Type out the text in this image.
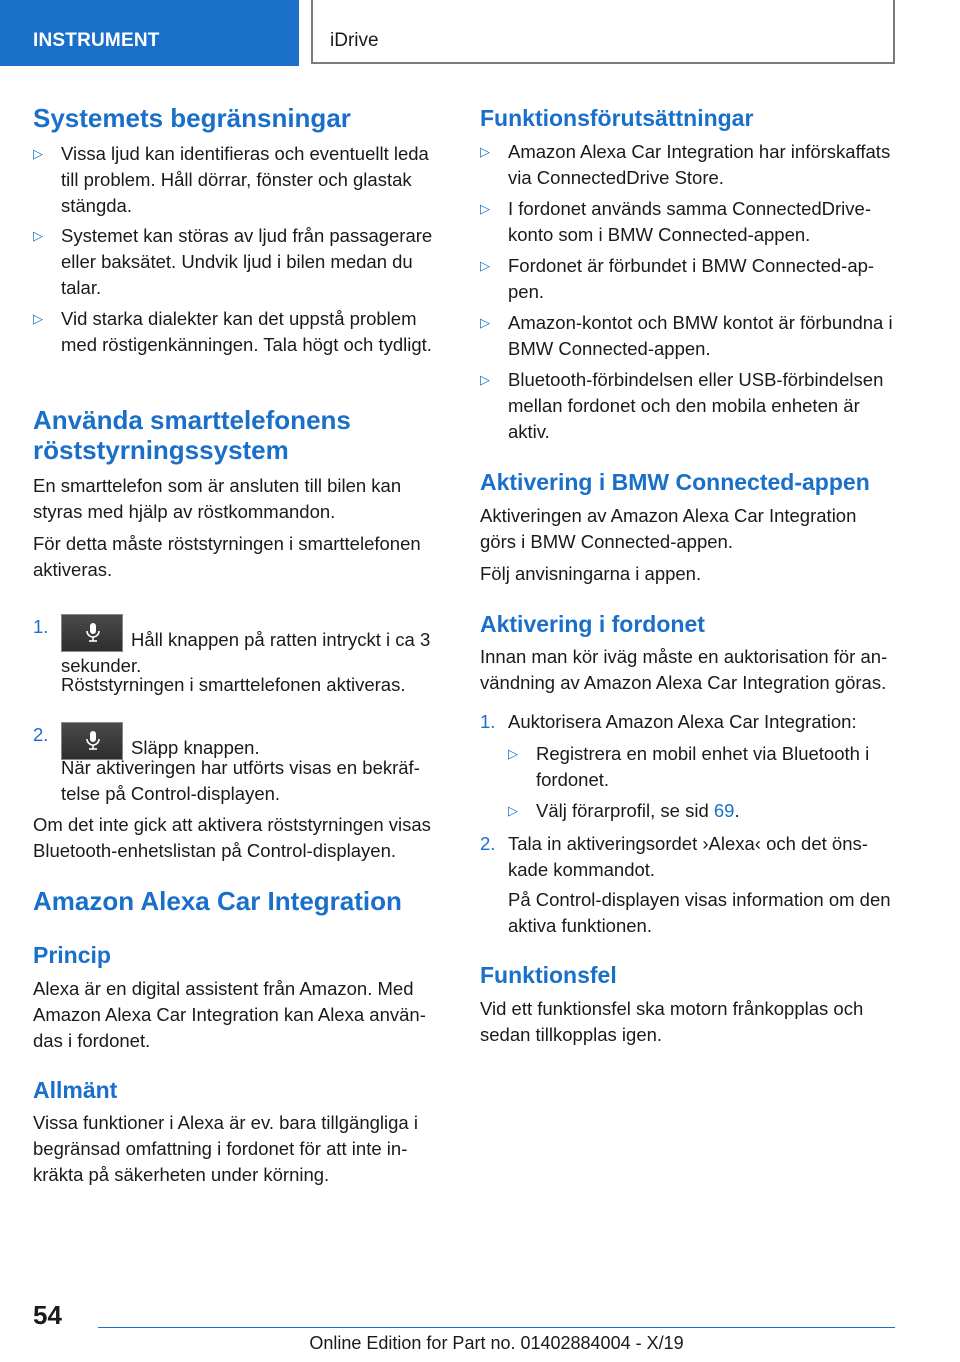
INSTRUMENT	iDrive
Systemets begränsningar
▷ Vissa ljud kan identifieras och eventuellt leda till problem. Håll dörrar, fönster och glastak stängda.
▷ Systemet kan störas av ljud från passagerare eller baksätet. Undvik ljud i bilen medan du talar.
▷ Vid starka dialekter kan det uppstå problem med röstigenkänningen. Tala högt och tydligt.
Använda smarttelefonens
röststyrningssystem

En smarttelefon som är ansluten till bilen kan styras med hjälp av röstkommandon.

För detta måste röststyrningen i smarttelefonen aktiveras.

1.
Håll knappen på ratten intryckt i ca 3 sekunder.

Röststyrningen i smarttelefonen aktiveras.

2.
Släpp knappen.

När aktiveringen har utförts visas en bekräftelse på Control-displayen.

Om det inte gick att aktivera röststyrningen visas Bluetooth-enhetslistan på Control-displayen.

Amazon Alexa Car Integration
Princip

Alexa är en digital assistent från Amazon. Med Amazon Alexa Car Integration kan Alexa användas i fordonet.

Allmänt

Vissa funktioner i Alexa är ev. bara tillgängliga i begränsad omfattning i fordonet för att inte inkräkta på säkerheten under körning.

Funktionsförutsättningar
▷ Amazon Alexa Car Integration har införskaffats via ConnectedDrive Store.
▷ I fordonet används samma ConnectedDrive-konto som i BMW Connected-appen.
▷ Fordonet är förbundet i BMW Connected-appen.
▷ Amazon-kontot och BMW kontot är förbundna i BMW Connected-appen.
▷ Bluetooth-förbindelsen eller USB-förbindelsen mellan fordonet och den mobila enheten är aktiv.
Aktivering i BMW Connected-appen

Aktiveringen av Amazon Alexa Car Integration görs i BMW Connected-appen.

Följ anvisningarna i appen.

Aktivering i fordonet

Innan man kör iväg måste en auktorisation för användning av Amazon Alexa Car Integration göras.

1. Auktorisera Amazon Alexa Car Integration:
▷ Registrera en mobil enhet via Bluetooth i fordonet.
▷ Välj förarprofil, se sid 69.
2. Tala in aktiveringsordet ›Alexa‹ och det önskade kommandot.

På Control-displayen visas information om den aktiva funktionen.

Funktionsfel

Vid ett funktionsfel ska motorn frånkopplas och sedan tillkopplas igen.

54
Online Edition for Part no. 01402884004 - X/19
